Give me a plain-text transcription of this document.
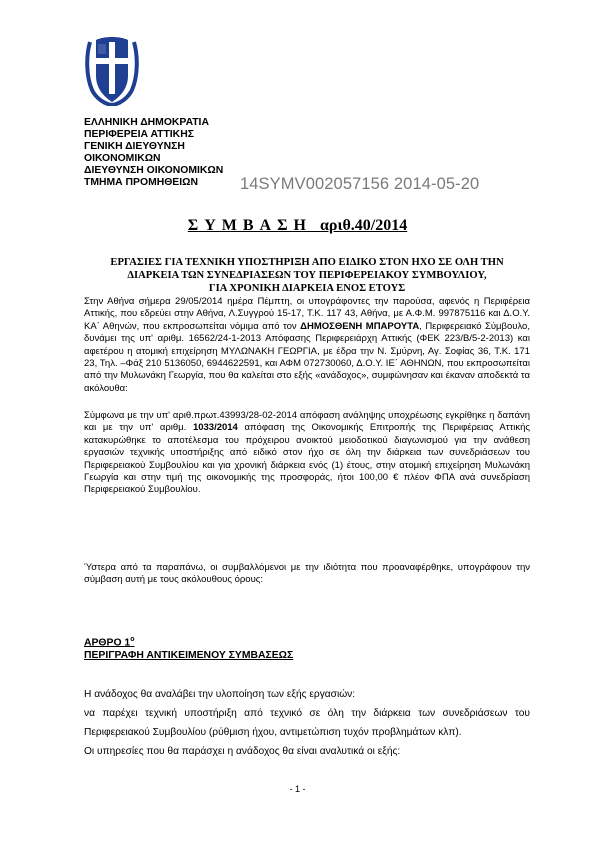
ΕΛΛΗΝΙΚΗ ΔΗΜΟΚΡΑΤΙΑ
ΠΕΡΙΦΕΡΕΙΑ ΑΤΤΙΚΗΣ
ΓΕΝΙΚΗ ΔΙΕΥΘΥΝΣΗ
ΟΙΚΟΝΟΜΙΚΩΝ
ΔΙΕΥΘΥΝΣΗ ΟΙΚΟΝΟΜΙΚΩΝ
ΤΜΗΜΑ ΠΡΟΜΗΘΕΙΩΝ	14SYMV002057156 2014-05-20
ΣΥΜΒΑΣΗ αριθ.40/2014
ΕΡΓΑΣΙΕΣ ΓΙΑ ΤΕΧΝΙΚΗ ΥΠΟΣΤΗΡΙΞΗ ΑΠΟ ΕΙΔΙΚΟ ΣΤΟΝ ΗΧΟ ΣΕ ΟΛΗ ΤΗΝ
ΔΙΑΡΚΕΙΑ ΤΩΝ ΣΥΝΕΔΡΙΑΣΕΩΝ ΤΟΥ ΠΕΡΙΦΕΡΕΙΑΚΟΥ ΣΥΜΒΟΥΛΙΟΥ,
ΓΙΑ ΧΡΟΝΙΚΗ ΔΙΑΡΚΕΙΑ ΕΝΟΣ ΕΤΟΥΣ
Στην Αθήνα σήμερα 29/05/2014 ημέρα Πέμπτη, οι υπογράφοντες την παρούσα, αφενός η Περιφέρεια Αττικής, που εδρεύει στην Αθήνα, Λ.Συγγρού 15-17, Τ.Κ. 117 43, Αθήνα, με Α.Φ.Μ. 997875116 και Δ.Ο.Υ. ΚΑ΄ Αθηνών, που εκπροσωπείται νόμιμα από τον ΔΗΜΟΣΘΕΝΗ ΜΠΑΡΟΥΤΑ, Περιφερειακό Σύμβουλο, δυνάμει της υπ' αριθμ. 16562/24-1-2013 Απόφασης Περιφερειάρχη Αττικής (ΦΕΚ 223/Β/5-2-2013) και αφετέρου η ατομική επιχείρηση ΜΥΛΩΝΑΚΗ ΓΕΩΡΓΙΑ, με έδρα την Ν. Σμύρνη, Αγ. Σοφίας 36, Τ.Κ. 171 23, Τηλ. –Φάξ 210 5136050, 6944622591, και ΑΦΜ 072730060, Δ.Ο.Υ. ΙΕ΄ ΑΘΗΝΩΝ, που εκπροσωπείται από την Μυλωνάκη Γεωργία, που θα καλείται στο εξής «ανάδοχος», συμφώνησαν και έκαναν αποδεκτά τα ακόλουθα:
Σύμφωνα με την υπ' αριθ.πρωτ.43993/28-02-2014 απόφαση ανάληψης υποχρέωσης εγκρίθηκε η δαπάνη και με την υπ' αριθμ. 1033/2014 απόφαση της Οικονομικής Επιτροπής της Περιφέρειας Αττικής κατακυρώθηκε το αποτέλεσμα του πρόχειρου ανοικτού μειοδοτικού διαγωνισμού για την ανάθεση εργασιών τεχνικής υποστήριξης από ειδικό στον ήχο σε όλη την διάρκεια των συνεδριάσεων του Περιφερειακού Συμβουλίου και για χρονική διάρκεια ενός (1) έτους, στην ατομική επιχείρηση Μυλωνάκη Γεωργία και στην τιμή της οικονομικής της προσφοράς, ήτοι 100,00 € πλέον ΦΠΑ ανά συνεδρίαση Περιφερειακού Συμβουλίου.
Ύστερα από τα παραπάνω, οι συμβαλλόμενοι με την ιδιότητα που προαναφέρθηκε, υπογράφουν την σύμβαση αυτή με τους ακόλουθους όρους:
ΑΡΘΡΟ $1^o$
ΠΕΡΙΓΡΑΦΗ ΑΝΤΙΚΕΙΜΕΝΟΥ ΣΥΜΒΑΣΕΩΣ
Η ανάδοχος θα αναλάβει την υλοποίηση των εξής εργασιών:
να παρέχει τεχνική υποστήριξη από τεχνικό σε όλη την διάρκεια των συνεδριάσεων του Περιφερειακού Συμβουλίου (ρύθμιση ήχου, αντιμετώπιση τυχόν προβλημάτων κλπ).
Οι υπηρεσίες που θα παράσχει η ανάδοχος θα είναι αναλυτικά οι εξής:
- 1 -
